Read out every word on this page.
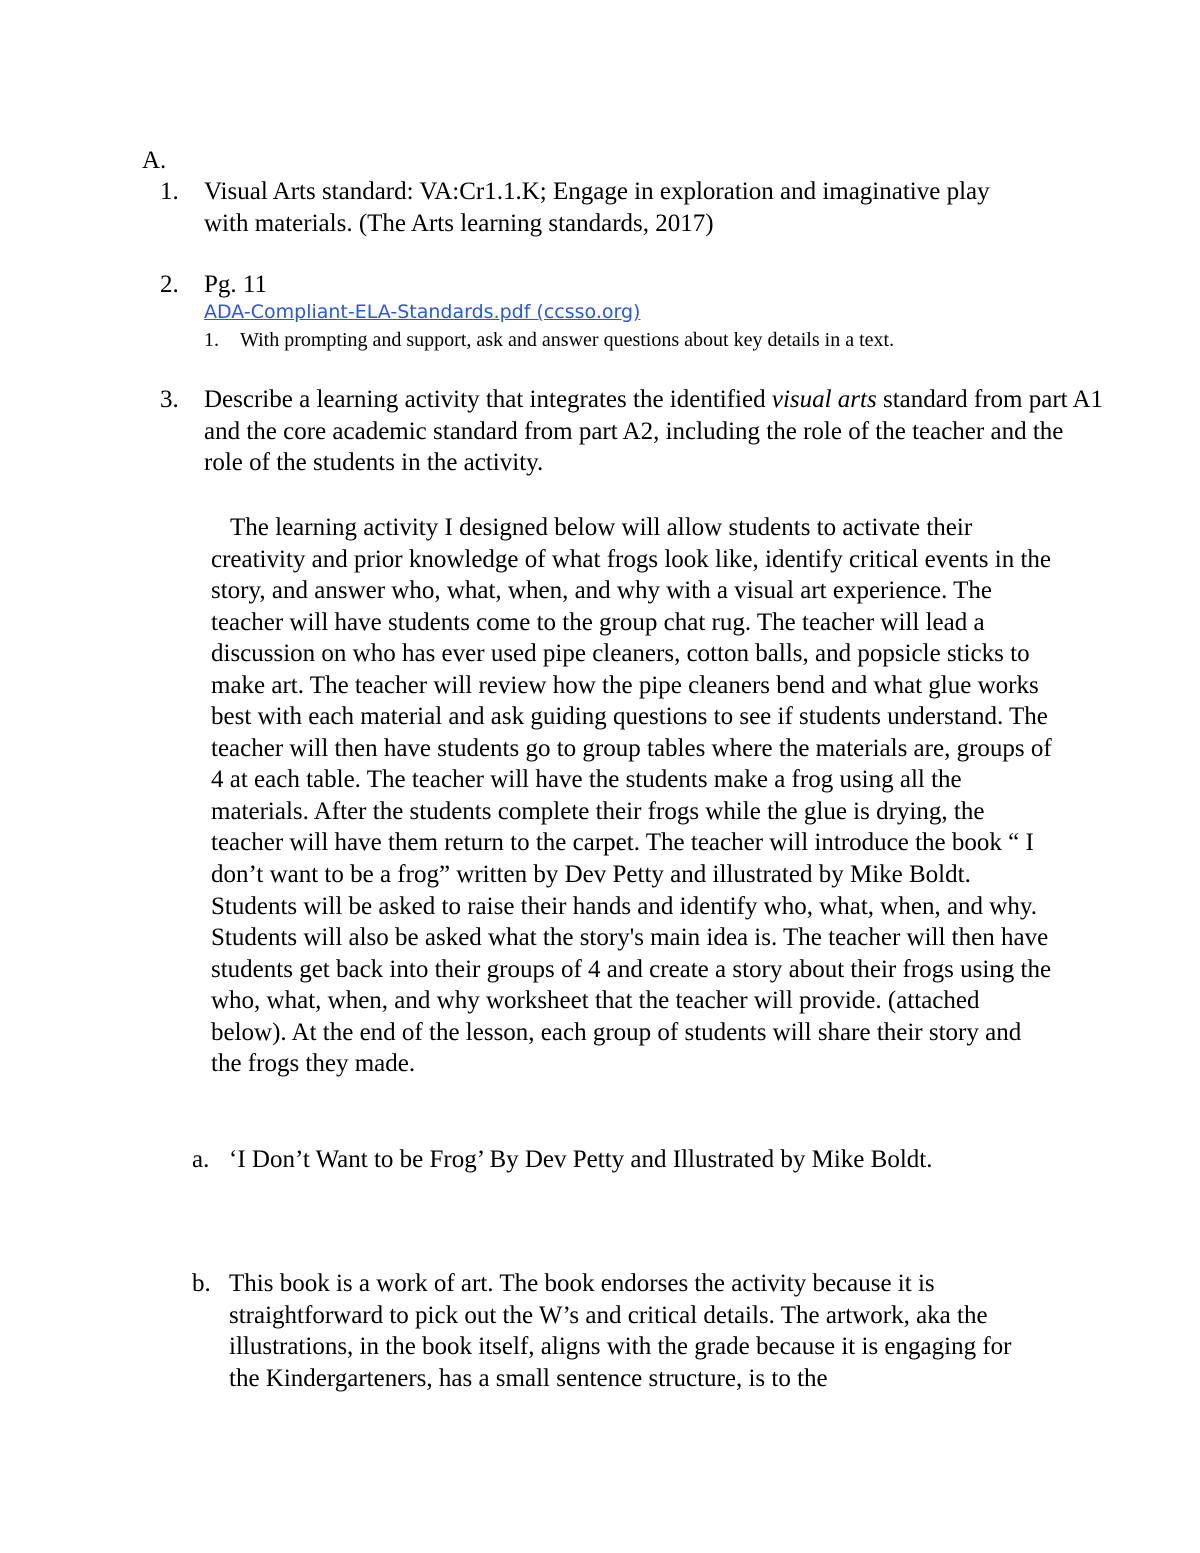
A.
1. Visual Arts standard: VA:Cr1.1.K; Engage in exploration and imaginative play with materials. (The Arts learning standards, 2017)
2. Pg. 11
ADA-Compliant-ELA-Standards.pdf (ccsso.org)
1. With prompting and support, ask and answer questions about key details in a text.
3. Describe a learning activity that integrates the identified visual arts standard from part A1 and the core academic standard from part A2, including the role of the teacher and the role of the students in the activity.
The learning activity I designed below will allow students to activate their creativity and prior knowledge of what frogs look like, identify critical events in the story, and answer who, what, when, and why with a visual art experience. The teacher will have students come to the group chat rug. The teacher will lead a discussion on who has ever used pipe cleaners, cotton balls, and popsicle sticks to make art. The teacher will review how the pipe cleaners bend and what glue works best with each material and ask guiding questions to see if students understand. The teacher will then have students go to group tables where the materials are, groups of 4 at each table. The teacher will have the students make a frog using all the materials. After the students complete their frogs while the glue is drying, the teacher will have them return to the carpet. The teacher will introduce the book “ I don’t want to be a frog” written by Dev Petty and illustrated by Mike Boldt. Students will be asked to raise their hands and identify who, what, when, and why. Students will also be asked what the story's main idea is. The teacher will then have students get back into their groups of 4 and create a story about their frogs using the who, what, when, and why worksheet that the teacher will provide. (attached below). At the end of the lesson, each group of students will share their story and the frogs they made.
a. ‘I Don’t Want to be Frog’ By Dev Petty and Illustrated by Mike Boldt.
b. This book is a work of art. The book endorses the activity because it is straightforward to pick out the W’s and critical details. The artwork, aka the illustrations, in the book itself, aligns with the grade because it is engaging for the Kindergarteners, has a small sentence structure, is to the
